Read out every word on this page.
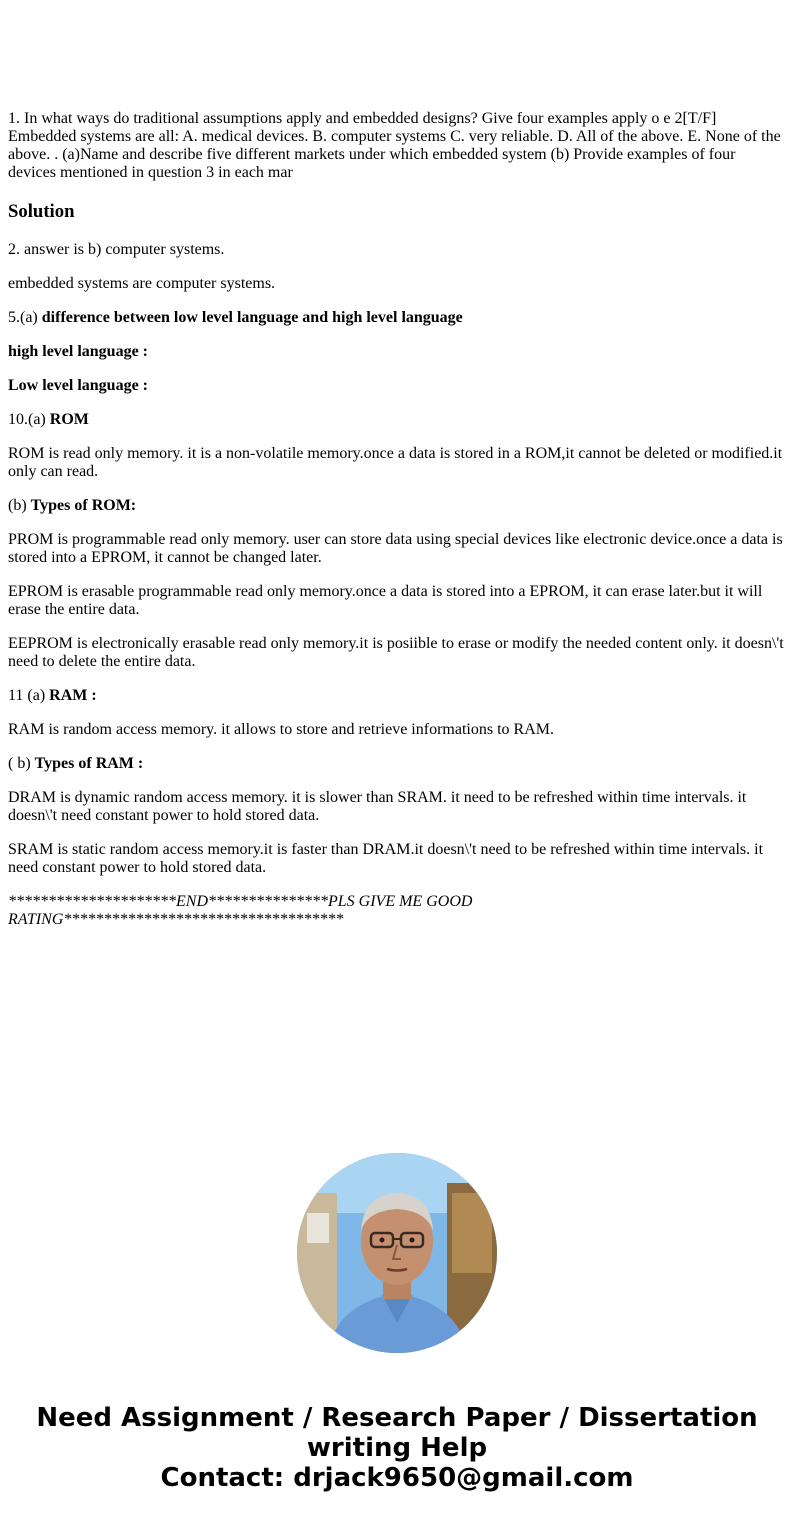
1. In what ways do traditional assumptions apply and embedded designs? Give four examples apply o e 2[T/F] Embedded systems are all: A. medical devices. B. computer systems C. very reliable. D. All of the above. E. None of the above. . (a)Name and describe five different markets under which embedded system (b) Provide examples of four devices mentioned in question 3 in each mar

Solution

2. answer is b) computer systems.

embedded systems are computer systems.

5.(a) difference between low level language and high level language

high level language :

Low level language :

10.(a) ROM

ROM is read only memory. it is a non-volatile memory.once a data is stored in a ROM,it cannot be deleted or modified.it only can read.

(b) Types of ROM:

PROM is programmable read only memory. user can store data using special devices like electronic device.once a data is stored into a EPROM, it cannot be changed later.

EPROM is erasable programmable read only memory.once a data is stored into a EPROM, it can erase later.but it will erase the entire data.

EEPROM is electronically erasable read only memory.it is posiible to erase or modify the needed content only. it doesn\'t need to delete the entire data.

11 (a) RAM :

RAM is random access memory. it allows to store and retrieve informations to RAM.

( b) Types of RAM :

DRAM is dynamic random access memory. it is slower than SRAM. it need to be refreshed within time intervals. it doesn\'t need constant power to hold stored data.

SRAM is static random access memory.it is faster than DRAM.it doesn\'t need to be refreshed within time intervals. it need constant power to hold stored data.

*********************END***************PLS GIVE ME GOOD RATING***********************************

Need Assignment / Research Paper / Dissertation writing Help
Contact: drjack9650@gmail.com
